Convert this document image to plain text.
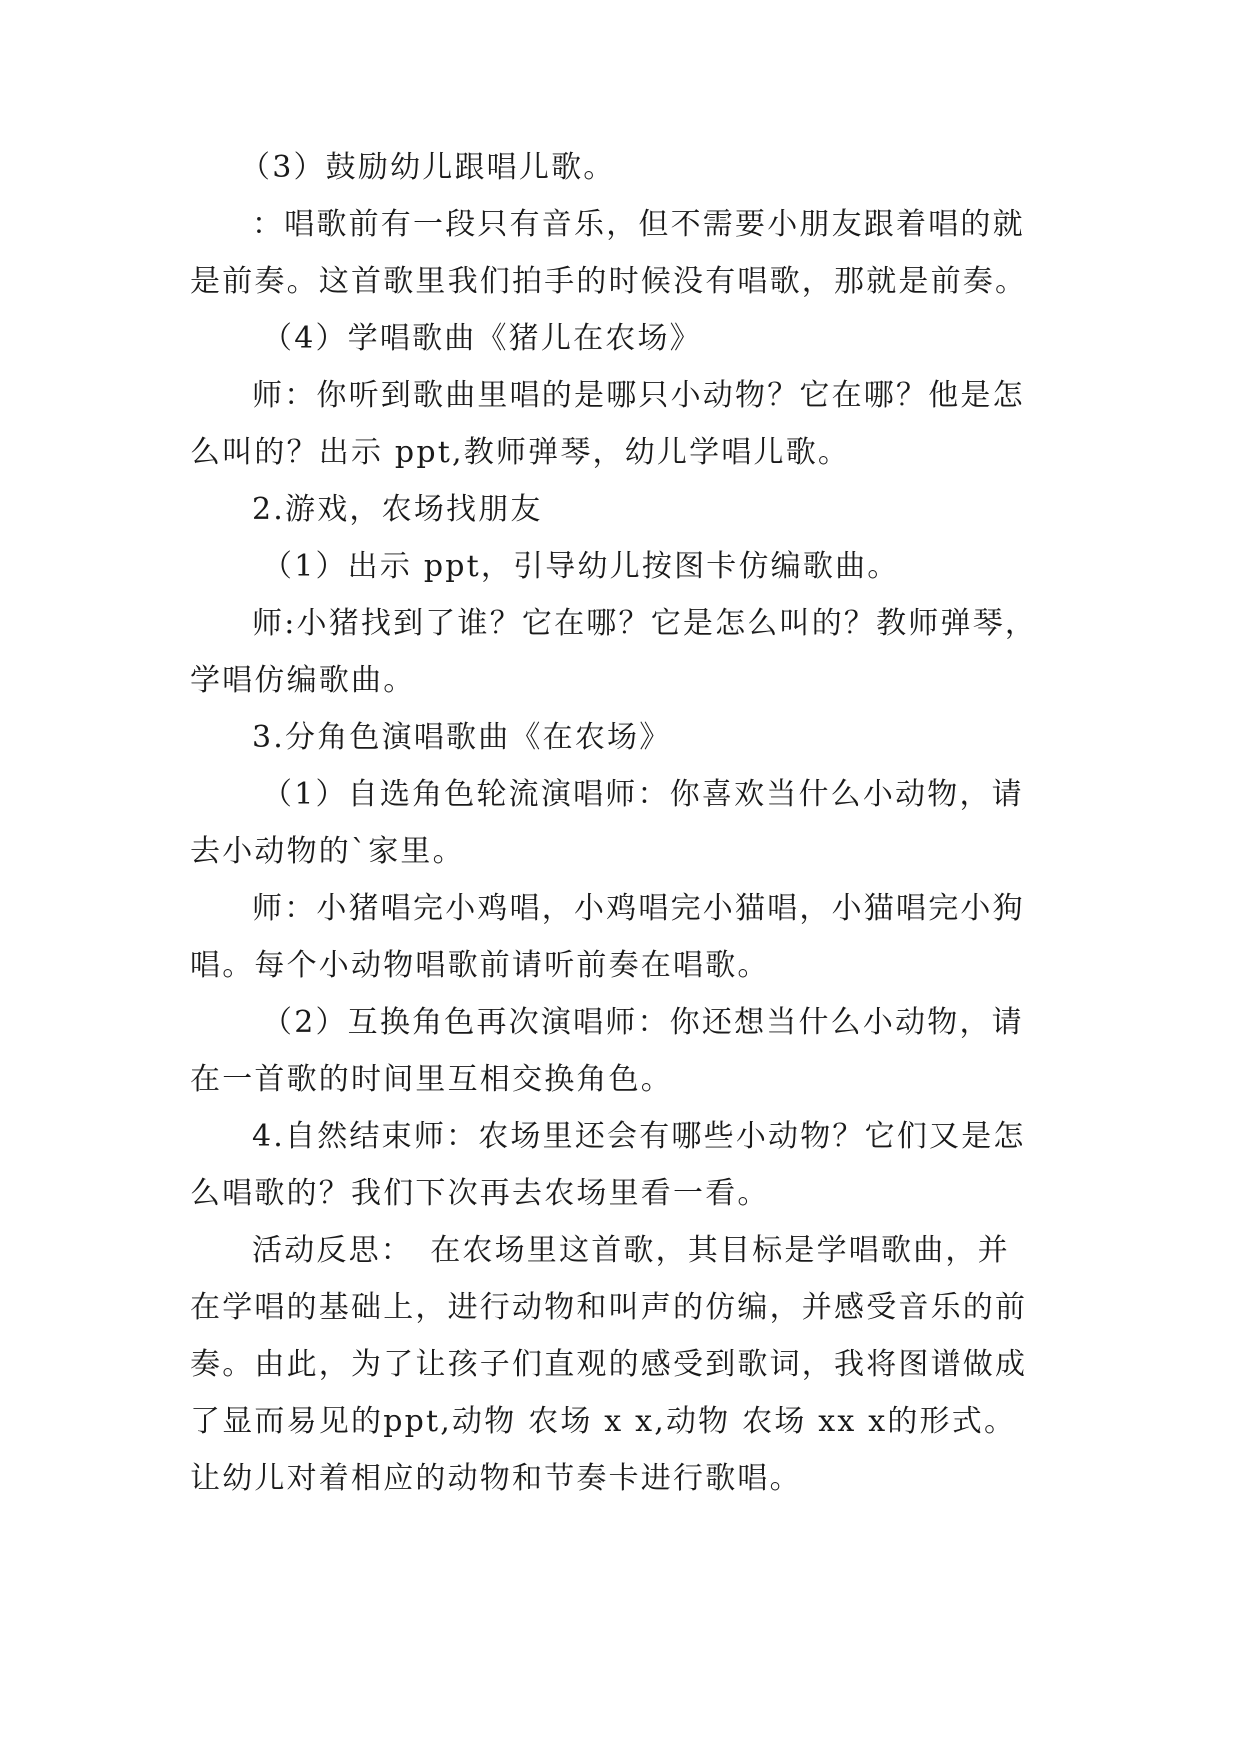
（3）鼓励幼儿跟唱儿歌。
：唱歌前有一段只有音乐，但不需要小朋友跟着唱的就
是前奏。这首歌里我们拍手的时候没有唱歌，那就是前奏。
（4）学唱歌曲《猪儿在农场》
师：你听到歌曲里唱的是哪只小动物？它在哪？他是怎
么叫的？出示 ppt,教师弹琴，幼儿学唱儿歌。
2.游戏，农场找朋友
（1）出示 ppt，引导幼儿按图卡仿编歌曲。
师:小猪找到了谁？它在哪？它是怎么叫的？教师弹琴，
学唱仿编歌曲。
3.分角色演唱歌曲《在农场》
（1）自选角色轮流演唱师：你喜欢当什么小动物，请
去小动物的`家里。
师：小猪唱完小鸡唱，小鸡唱完小猫唱，小猫唱完小狗
唱。每个小动物唱歌前请听前奏在唱歌。
（2）互换角色再次演唱师：你还想当什么小动物，请
在一首歌的时间里互相交换角色。
4.自然结束师：农场里还会有哪些小动物？它们又是怎
么唱歌的？我们下次再去农场里看一看。
活动反思：　在农场里这首歌，其目标是学唱歌曲，并
在学唱的基础上，进行动物和叫声的仿编，并感受音乐的前
奏。由此，为了让孩子们直观的感受到歌词，我将图谱做成
了显而易见的ppt,动物 农场 x x,动物 农场 xx x的形式。
让幼儿对着相应的动物和节奏卡进行歌唱。
